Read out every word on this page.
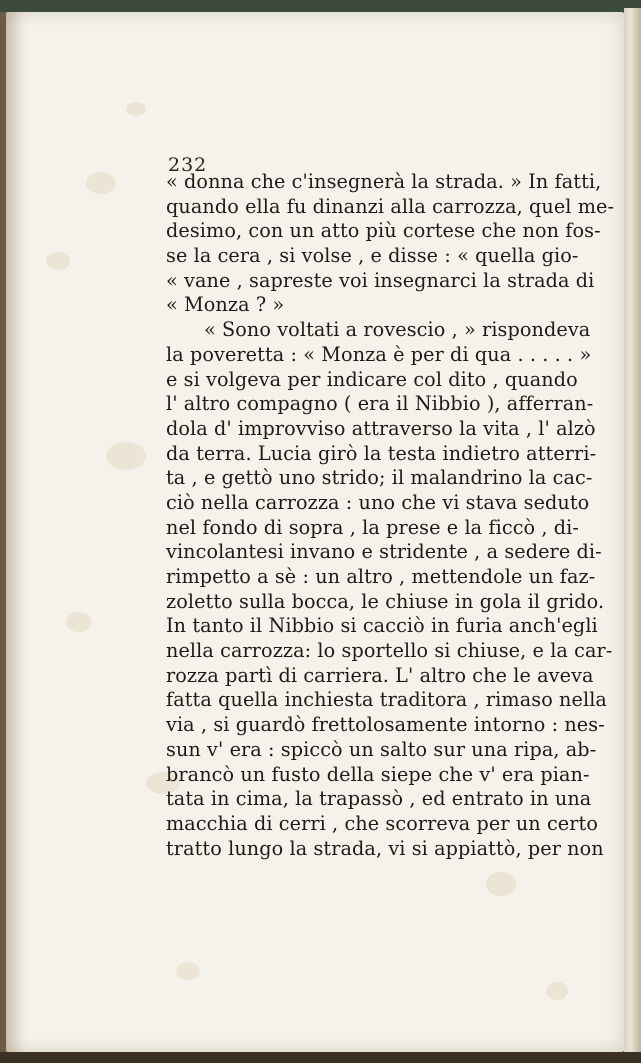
232
« donna che c'insegnerà la strada. » In fatti,
quando ella fu dinanzi alla carrozza, quel me-
desimo, con un atto più cortese che non fos-
se la cera , si volse , e disse : « quella gio-
« vane , sapreste voi insegnarci la strada di
« Monza ? »
« Sono voltati a rovescio , » rispondeva
la poveretta : « Monza è per di qua . . . . . »
e si volgeva per indicare col dito , quando
l' altro compagno ( era il Nibbio ), afferran-
dola d' improvviso attraverso la vita , l' alzò
da terra. Lucia girò la testa indietro atterri-
ta , e gettò uno strido; il malandrino la cac-
ciò nella carrozza : uno che vi stava seduto
nel fondo di sopra , la prese e la ficcò , di-
vincolantesi invano e stridente , a sedere di-
rimpetto a sè : un altro , mettendole un faz-
zoletto sulla bocca, le chiuse in gola il grido.
In tanto il Nibbio si cacciò in furia anch'egli
nella carrozza: lo sportello si chiuse, e la car-
rozza partì di carriera. L' altro che le aveva
fatta quella inchiesta traditora , rimaso nella
via , si guardò frettolosamente intorno : nes-
sun v' era : spiccò un salto sur una ripa, ab-
brancò un fusto della siepe che v' era pian-
tata in cima, la trapassò , ed entrato in una
macchia di cerri , che scorreva per un certo
tratto lungo la strada, vi si appiattò, per non
